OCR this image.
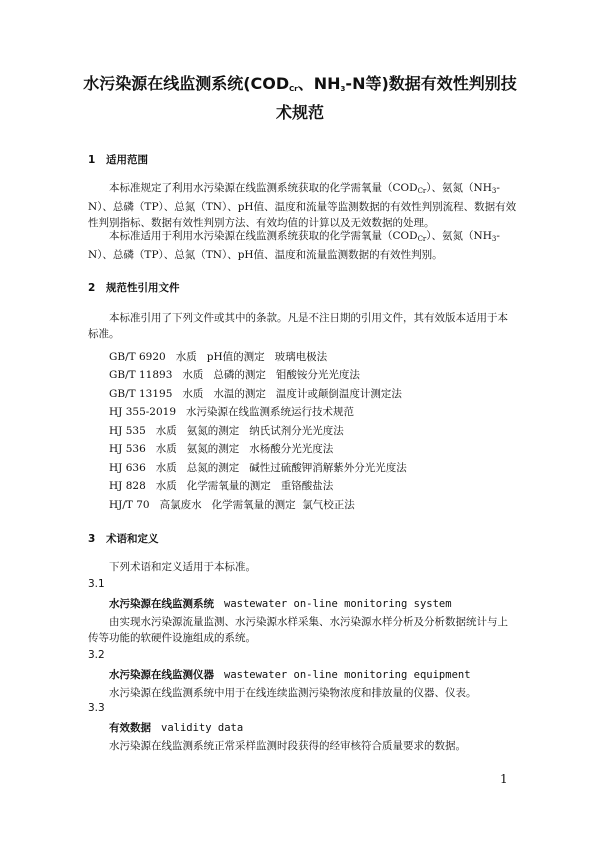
水污染源在线监测系统($COD_{Cr}$、$NH_3-N$等)数据有效性判别技
术规范
1 适用范围

本标准规定了利用水污染源在线监测系统获取的化学需氧量$(COD_{Cr})$、氨氮$(NH_3-N)$、总磷（TP）、总氮（TN）、pH值、温度和流量等监测数据的有效性判别流程、数据有效性判别指标、数据有效性判别方法、有效均值的计算以及无效数据的处理。

本标准适用于利用水污染源在线监测系统获取的化学需氧量$(COD_{Cr})$、氨氮$(NH_3-N)$、总磷（TP）、总氮（TN）、pH值、温度和流量监测数据的有效性判别。

2 规范性引用文件

本标准引用了下列文件或其中的条款。凡是不注日期的引用文件，其有效版本适用于本标准。

GB/T 6920   水质   pH值的测定   玻璃电极法

GB/T 11893   水质   总磷的测定   钼酸铵分光光度法

GB/T 13195   水质   水温的测定   温度计或颠倒温度计测定法

HJ 355-2019   水污染源在线监测系统运行技术规范

HJ 535   水质   氨氮的测定   纳氏试剂分光光度法

HJ 536   水质   氨氮的测定   水杨酸分光光度法

HJ 636   水质   总氮的测定   碱性过硫酸钾消解紫外分光光度法

HJ 828   水质   化学需氧量的测定   重铬酸盐法

HJ/T 70   高氯废水   化学需氧量的测定  氯气校正法

3 术语和定义

下列术语和定义适用于本标准。

3.1
水污染源在线监测系统 wastewater on-line monitoring system

由实现水污染源流量监测、水污染源水样采集、水污染源水样分析及分析数据统计与上传等功能的软硬件设施组成的系统。

3.2
水污染源在线监测仪器 wastewater on-line monitoring equipment

水污染源在线监测系统中用于在线连续监测污染物浓度和排放量的仪器、仪表。

3.3
有效数据 validity data

水污染源在线监测系统正常采样监测时段获得的经审核符合质量要求的数据。

1
